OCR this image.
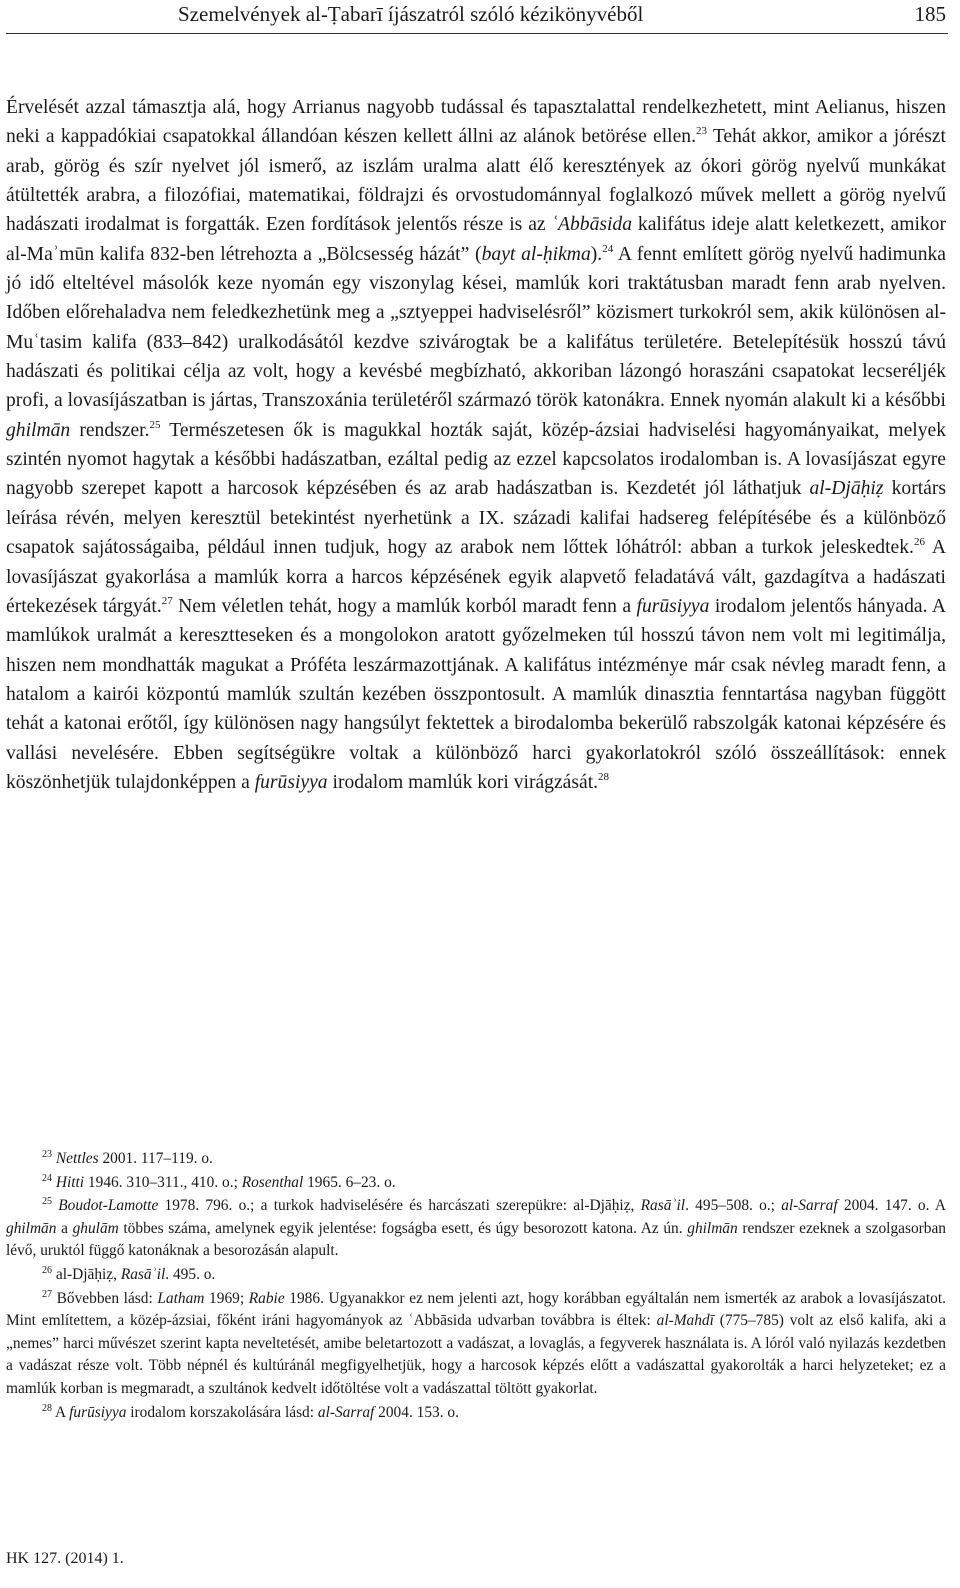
Szemelvények al-Ṭabarī íjászatról szóló kézikönyvéből	185

Érvelését azzal támasztja alá, hogy Arrianus nagyobb tudással és tapasztalattal rendelkezhetett, mint Aelianus, hiszen neki a kappadókiai csapatokkal állandóan készen kellett állni az alánok betörése ellen.$^{23}$ Tehát akkor, amikor a jórészt arab, görög és szír nyelvet jól ismerő, az iszlám uralma alatt élő keresztények az ókori görög nyelvű munkákat átültették arabra, a filozófiai, matematikai, földrajzi és orvostudománnyal foglalkozó művek mellett a görög nyelvű hadászati irodalmat is forgatták. Ezen fordítások jelentős része is az ʿAbbāsida kalifátus ideje alatt keletkezett, amikor al-Maʾmūn kalifa 832-ben létrehozta a „Bölcsesség házát” (bayt al-ḥikma).$^{24}$ A fennt említett görög nyelvű hadimunka jó idő elteltével másolók keze nyomán egy viszonylag kései, mamlúk kori traktátusban maradt fenn arab nyelven. Időben előrehaladva nem feledkezhetünk meg a „sztyeppei hadviselésről” közismert turkokról sem, akik különösen al-Muʿtasim kalifa (833–842) uralkodásától kezdve szivárogtak be a kalifátus területére. Betelepítésük hosszú távú hadászati és politikai célja az volt, hogy a kevésbé megbízható, akkoriban lázongó horaszáni csapatokat lecseréljék profi, a lovasíjászatban is jártas, Transzoxánia területéről származó török katonákra. Ennek nyomán alakult ki a későbbi ghilmān rendszer.$^{25}$ Természetesen ők is magukkal hozták saját, közép-ázsiai hadviselési hagyományaikat, melyek szintén nyomot hagytak a későbbi hadászatban, ezáltal pedig az ezzel kapcsolatos irodalomban is. A lovasíjászat egyre nagyobb szerepet kapott a harcosok képzésében és az arab hadászatban is. Kezdetét jól láthatjuk al-Djāḥiẓ kortárs leírása révén, melyen keresztül betekintést nyerhetünk a IX. századi kalifai hadsereg felépítésébe és a különböző csapatok sajátosságaiba, például innen tudjuk, hogy az arabok nem lőttek lóhátról: abban a turkok jeleskedtek.$^{26}$ A lovasíjászat gyakorlása a mamlúk korra a harcos képzésének egyik alapvető feladatává vált, gazdagítva a hadászati értekezések tárgyát.$^{27}$ Nem véletlen tehát, hogy a mamlúk korból maradt fenn a furūsiyya irodalom jelentős hányada. A mamlúkok uralmát a keresztteseken és a mongolokon aratott győzelmeken túl hosszú távon nem volt mi legitimálja, hiszen nem mondhatták magukat a Próféta leszármazottjának. A kalifátus intézménye már csak névleg maradt fenn, a hatalom a kairói központú mamlúk szultán kezében összpontosult. A mamlúk dinasztia fenntartása nagyban függött tehát a katonai erőtől, így különösen nagy hangsúlyt fektettek a birodalomba bekerülő rabszolgák katonai képzésére és vallási nevelésére. Ebben segítségükre voltak a különböző harci gyakorlatokról szóló összeállítások: ennek köszönhetjük tulajdonképpen a furūsiyya irodalom mamlúk kori virágzását.$^{28}$

$^{23}$ Nettles 2001. 117–119. o.

$^{24}$ Hitti 1946. 310–311., 410. o.; Rosenthal 1965. 6–23. o.

$^{25}$ Boudot-Lamotte 1978. 796. o.; a turkok hadviselésére és harcászati szerepükre: al-Djāḥiẓ, Rasāʾil. 495–508. o.; al-Sarraf 2004. 147. o. A ghilmān a ghulām többes száma, amelynek egyik jelentése: fogságba esett, és úgy besorozott katona. Az ún. ghilmān rendszer ezeknek a szolgasorban lévő, uruktól függő katonáknak a besorozásán alapult.

$^{26}$ al-Djāḥiẓ, Rasāʾil. 495. o.

$^{27}$ Bővebben lásd: Latham 1969; Rabie 1986. Ugyanakkor ez nem jelenti azt, hogy korábban egyáltalán nem ismerték az arabok a lovasíjászatot. Mint említettem, a közép-ázsiai, főként iráni hagyományok az ʿAbbāsida udvarban továbbra is éltek: al-Mahdī (775–785) volt az első kalifa, aki a „nemes” harci művészet szerint kapta neveltetését, amibe beletartozott a vadászat, a lovaglás, a fegyverek használata is. A lóról való nyilazás kezdetben a vadászat része volt. Több népnél és kultúránál megfigyelhetjük, hogy a harcosok képzés előtt a vadászattal gyakorolták a harci helyzeteket; ez a mamlúk korban is megmaradt, a szultánok kedvelt időtöltése volt a vadászattal töltött gyakorlat.

$^{28}$ A furūsiyya irodalom korszakolására lásd: al-Sarraf 2004. 153. o.

HK 127. (2014) 1.
